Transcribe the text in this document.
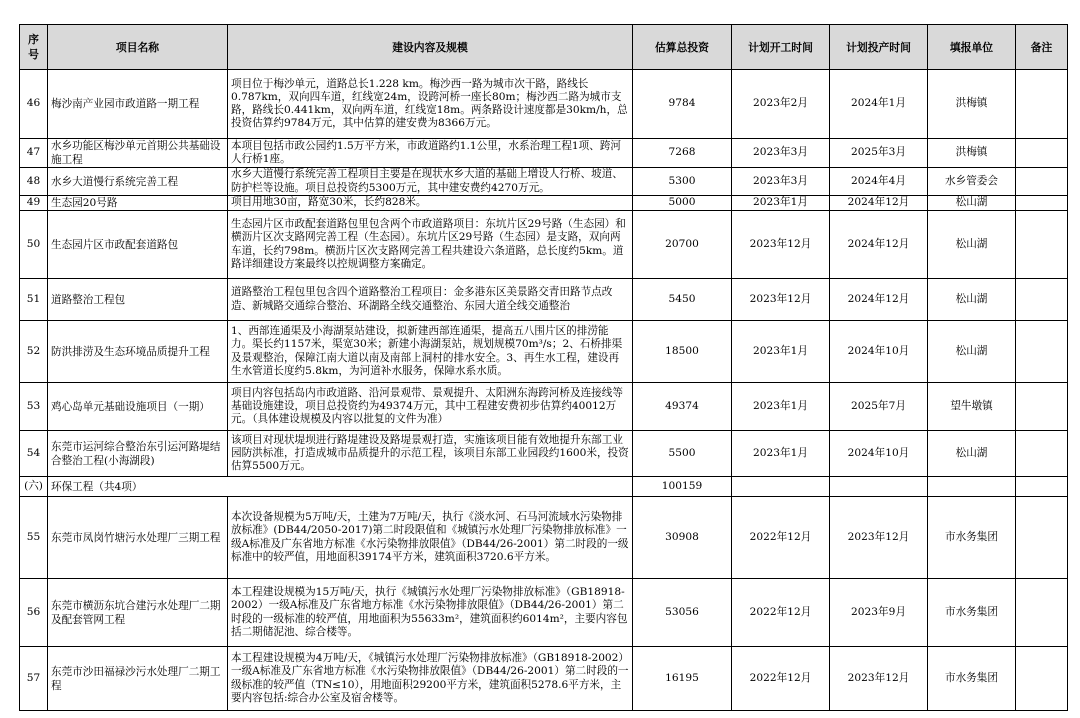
序号	项目名称	建设内容及规模	估算总投资	计划开工时间	计划投产时间	填报单位	备注
46	梅沙南产业园市政道路一期工程	项目位于梅沙单元，道路总长1.228 km。梅沙西一路为城市次干路，路线长0.787km，双向四车道，红线宽24m，设跨河桥一座长80m；梅沙西二路为城市支路，路线长0.441km，双向两车道，红线宽18m。两条路设计速度都是30km/h，总投资估算约9784万元，其中估算的建安费为8366万元。	9784	2023年2月	2024年1月	洪梅镇	
47	水乡功能区梅沙单元首期公共基础设施工程	本项目包括市政公园约1.5万平方米，市政道路约1.1公里，水系治理工程1项、跨河人行桥1座。	7268	2023年3月	2025年3月	洪梅镇	
48	水乡大道慢行系统完善工程	水乡大道慢行系统完善工程项目主要是在现状水乡大道的基础上增设人行桥、坡道、防护栏等设施。项目总投资约5300万元，其中建安费约4270万元。	5300	2023年3月	2024年4月	水乡管委会	
49	生态园20号路	项目用地30亩，路宽30米，长约828米。	5000	2023年1月	2024年12月	松山湖	
50	生态园片区市政配套道路包	生态园片区市政配套道路包里包含两个市政道路项目：东坑片区29号路（生态园）和横沥片区次支路网完善工程（生态园）。东坑片区29号路（生态园）是支路，双向两车道，长约798m。横沥片区次支路网完善工程共建设六条道路，总长度约5km。道路详细建设方案最终以控规调整方案确定。	20700	2023年12月	2024年12月	松山湖	
51	道路整治工程包	道路整治工程包里包含四个道路整治工程项目：金多港东区美景路交青田路节点改造、新城路交通综合整治、环湖路全线交通整治、东园大道全线交通整治	5450	2023年12月	2024年12月	松山湖	
52	防洪排涝及生态环境品质提升工程	1、西部连通渠及小海湖泵站建设，拟新建西部连通渠，提高五八围片区的排涝能力。渠长约1157米，渠宽30米；新建小海湖泵站，规划规模70m³/s；2、石桥排渠及景观整治，保障江南大道以南及南部上洞村的排水安全。3、再生水工程，建设再生水管道长度约5.8km，为河道补水服务，保障水系水质。	18500	2023年1月	2024年10月	松山湖	
53	鸡心岛单元基础设施项目（一期）	项目内容包括岛内市政道路、沿河景观带、景观提升、太阳洲东海跨河桥及连接线等基础设施建设，项目总投资约为49374万元，其中工程建安费初步估算约40012万元。（具体建设规模及内容以批复的文件为准）	49374	2023年1月	2025年7月	望牛墩镇	
54	东莞市运河综合整治东引运河路堤结合整治工程(小海湖段)	该项目对现状堤坝进行路堤建设及路堤景观打造，实施该项目能有效地提升东部工业园防洪标准，打造成城市品质提升的示范工程，该项目东部工业园段约1600米，投资估算5500万元。	5500	2023年1月	2024年10月	松山湖	
(六)	环保工程（共4项）		100159				
55	东莞市凤岗竹塘污水处理厂三期工程	本次设备规模为5万吨/天，土建为7万吨/天，执行《淡水河、石马河流域水污染物排放标准》(DB44/2050-2017)第二时段限值和《城镇污水处理厂污染物排放标准》一级A标准及广东省地方标准《水污染物排放限值》（DB44/26-2001）第二时段的一级标准中的较严值，用地面积39174平方米，建筑面积3720.6平方米。	30908	2022年12月	2023年12月	市水务集团	
56	东莞市横沥东坑合建污水处理厂二期及配套管网工程	本工程建设规模为15万吨/天，执行《城镇污水处理厂污染物排放标准》（GB18918-2002）一级A标准及广东省地方标准《水污染物排放限值》（DB44/26-2001）第二时段的一级标准的较严值，用地面积为55633m²，建筑面积约6014m²，主要内容包括二期储泥池、综合楼等。	53056	2022年12月	2023年9月	市水务集团	
57	东莞市沙田福禄沙污水处理厂二期工程	本工程建设规模为4万吨/天，《城镇污水处理厂污染物排放标准》（GB18918-2002）一级A标准及广东省地方标准《水污染物排放限值》（DB44/26-2001）第二时段的一级标准的较严值（TN≤10），用地面积29200平方米，建筑面积5278.6平方米，主要内容包括:综合办公室及宿舍楼等。	16195	2022年12月	2023年12月	市水务集团	
